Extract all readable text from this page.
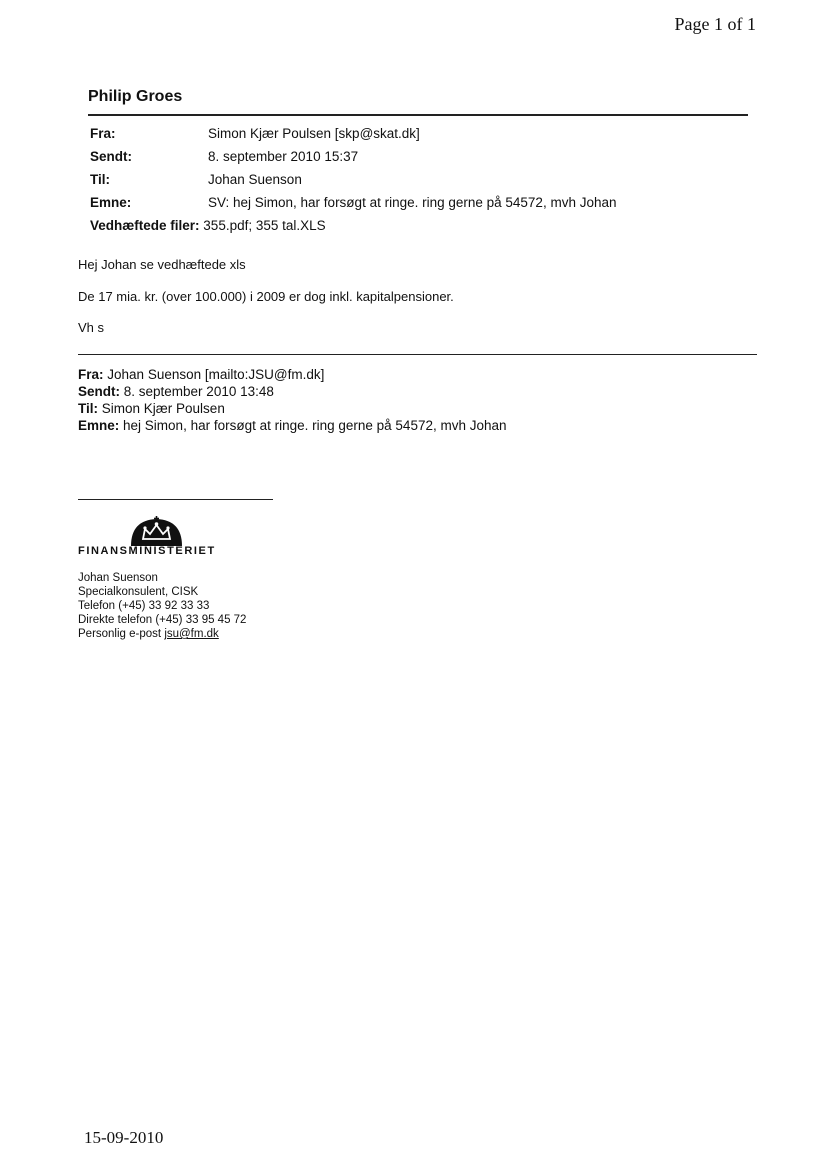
Page 1 of 1
Philip Groes
Fra:	Simon Kjær Poulsen [skp@skat.dk]
Sendt:	8. september 2010 15:37
Til:	Johan Suenson
Emne:	SV: hej Simon, har forsøgt at ringe. ring gerne på 54572, mvh Johan
Vedhæftede filer: 355.pdf; 355 tal.XLS	
Hej Johan se vedhæftede xls
De 17 mia. kr. (over 100.000) i 2009 er dog inkl. kapitalpensioner.
Vh s
Fra: Johan Suenson [mailto:JSU@fm.dk]
Sendt: 8. september 2010 13:48
Til: Simon Kjær Poulsen
Emne: hej Simon, har forsøgt at ringe. ring gerne på 54572, mvh Johan
FINANSMINISTERIET
Johan Suenson
Specialkonsulent, CISK
Telefon (+45) 33 92 33 33
Direkte telefon (+45) 33 95 45 72
Personlig e-post jsu@fm.dk
15-09-2010
